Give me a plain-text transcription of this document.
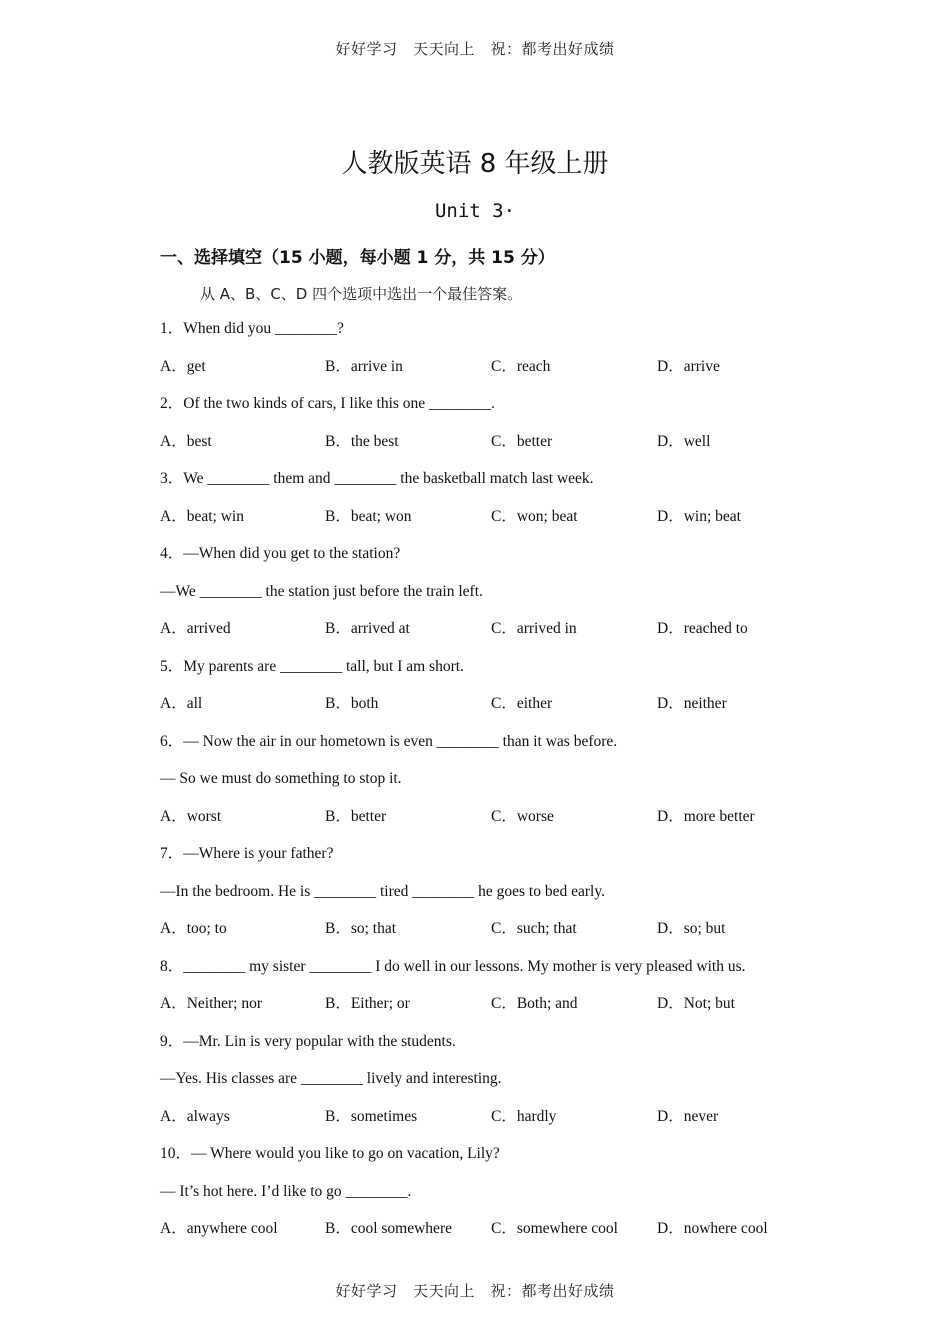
好好学习　天天向上　祝：都考出好成绩
人教版英语 8 年级上册
Unit 3·
一、选择填空（15 小题，每小题 1 分，共 15 分）
从 A、B、C、D 四个选项中选出一个最佳答案。
1．When did you ________?
A．get	B．arrive in	C．reach	D．arrive
2．Of the two kinds of cars, I like this one ________.
A．best	B．the best	C．better	D．well
3．We ________ them and ________ the basketball match last week.
A．beat; win	B．beat; won	C．won; beat	D．win; beat
4．—When did you get to the station?
—We ________ the station just before the train left.
A．arrived	B．arrived at	C．arrived in	D．reached to
5．My parents are ________ tall, but I am short.
A．all	B．both	C．either	D．neither
6．— Now the air in our hometown is even ________ than it was before.
— So we must do something to stop it.
A．worst	B．better	C．worse	D．more better
7．—Where is your father?
—In the bedroom. He is ________ tired ________ he goes to bed early.
A．too; to	B．so; that	C．such; that	D．so; but
8．________ my sister ________ I do well in our lessons. My mother is very pleased with us.
A．Neither; nor	B．Either; or	C．Both; and	D．Not; but
9．—Mr. Lin is very popular with the students.
—Yes. His classes are ________ lively and interesting.
A．always	B．sometimes	C．hardly	D．never
10．— Where would you like to go on vacation, Lily?
— It’s hot here. I’d like to go ________.
A．anywhere cool	B．cool somewhere	C．somewhere cool	D．nowhere cool
好好学习　天天向上　祝：都考出好成绩
